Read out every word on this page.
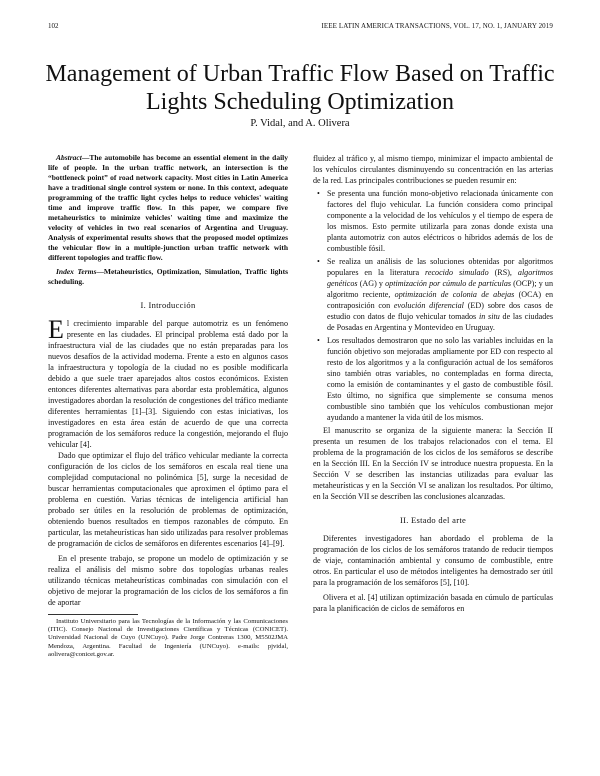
102	IEEE LATIN AMERICA TRANSACTIONS, VOL. 17, NO. 1, JANUARY 2019
Management of Urban Traffic Flow Based on Traffic Lights Scheduling Optimization
P. Vidal, and A. Olivera

Abstract—The automobile has become an essential element in the daily life of people. In the urban traffic network, an intersection is the “bottleneck point” of road network capacity. Most cities in Latin America have a traditional single control system or none. In this context, adequate programming of the traffic light cycles helps to reduce vehicles' waiting time and improve traffic flow. In this paper, we compare five metaheuristics to minimize vehicles' waiting time and maximize the velocity of vehicles in two real scenarios of Argentina and Uruguay. Analysis of experimental results shows that the proposed model optimizes the vehicular flow in a multiple-junction urban traffic network with different topologies and traffic flow.

Index Terms—Metaheuristics, Optimization, Simulation, Traffic lights scheduling.

I. Introducción

El crecimiento imparable del parque automotriz es un fenómeno presente en las ciudades. El principal problema está dado por la infraestructura vial de las ciudades que no están preparadas para los nuevos desafíos de la actividad moderna. Frente a esto en algunos casos la infraestructura y topología de la ciudad no es posible modificarla debido a que suele traer aparejados altos costos económicos. Existen entonces diferentes alternativas para abordar esta problemática, algunos investigadores abordan la resolución de congestiones del tráfico mediante diferentes herramientas [1]–[3]. Siguiendo con estas iniciativas, los investigadores en esta área están de acuerdo de que una correcta programación de los semáforos reduce la congestión, mejorando el flujo vehicular [4].

Dado que optimizar el flujo del tráfico vehicular mediante la correcta configuración de los ciclos de los semáforos en escala real tiene una complejidad computacional no polinómica [5], surge la necesidad de buscar herramientas computacionales que aproximen el óptimo para el problema en cuestión. Varias técnicas de inteligencia artificial han probado ser útiles en la resolución de problemas de optimización, obteniendo buenos resultados en tiempos razonables de cómputo. En particular, las metaheurísticas han sido utilizadas para resolver problemas de programación de ciclos de semáforos en diferentes escenarios [4]–[9].

En el presente trabajo, se propone un modelo de optimización y se realiza el análisis del mismo sobre dos topologías urbanas reales utilizando técnicas metaheurísticas combinadas con simulación con el objetivo de mejorar la programación de los ciclos de los semáforos a fin de aportar

Instituto Universitario para las Tecnologías de la Información y las Comunicaciones (ITIC). Consejo Nacional de Investigaciones Científicas y Técnicas (CONICET). Universidad Nacional de Cuyo (UNCuyo). Padre Jorge Contreras 1300, M5502JMA Mendoza, Argentina. Facultad de Ingeniería (UNCuyo). e-mails: pjvidal, aolivera@conicet.gov.ar.

fluidez al tráfico y, al mismo tiempo, minimizar el impacto ambiental de los vehículos circulantes disminuyendo su concentración en las arterias de la red. Las principales contribuciones se pueden resumir en:

• Se presenta una función mono-objetivo relacionada únicamente con factores del flujo vehicular. La función considera como principal componente a la velocidad de los vehículos y el tiempo de espera de los mismos. Esto permite utilizarla para zonas donde exista una planta automotriz con autos eléctricos o híbridos además de los de combustible fósil.
• Se realiza un análisis de las soluciones obtenidas por algoritmos populares en la literatura recocido simulado (RS), algoritmos genéticos (AG) y optimización por cúmulo de partículas (OCP); y un algoritmo reciente, optimización de colonia de abejas (OCA) en contraposición con evolución diferencial (ED) sobre dos casos de estudio con datos de flujo vehicular tomados in situ de las ciudades de Posadas en Argentina y Montevideo en Uruguay.
• Los resultados demostraron que no solo las variables incluidas en la función objetivo son mejoradas ampliamente por ED con respecto al resto de los algoritmos y a la configuración actual de los semáforos sino también otras variables, no contempladas en forma directa, como la emisión de contaminantes y el gasto de combustible fósil. Esto último, no significa que simplemente se consuma menos combustible sino también que los vehículos combustionan mejor ayudando a mantener la vida útil de los mismos.

El manuscrito se organiza de la siguiente manera: la Sección II presenta un resumen de los trabajos relacionados con el tema. El problema de la programación de los ciclos de los semáforos se describe en la Sección III. En la Sección IV se introduce nuestra propuesta. En la Sección V se describen las instancias utilizadas para evaluar las metaheurísticas y en la Sección VI se analizan los resultados. Por último, en la Sección VII se describen las conclusiones alcanzadas.

II. Estado del arte

Diferentes investigadores han abordado el problema de la programación de los ciclos de los semáforos tratando de reducir tiempos de viaje, contaminación ambiental y consumo de combustible, entre otros. En particular el uso de métodos inteligentes ha demostrado ser útil para la programación de los semáforos [5], [10].

Olivera et al. [4] utilizan optimización basada en cúmulo de partículas para la planificación de ciclos de semáforos en
